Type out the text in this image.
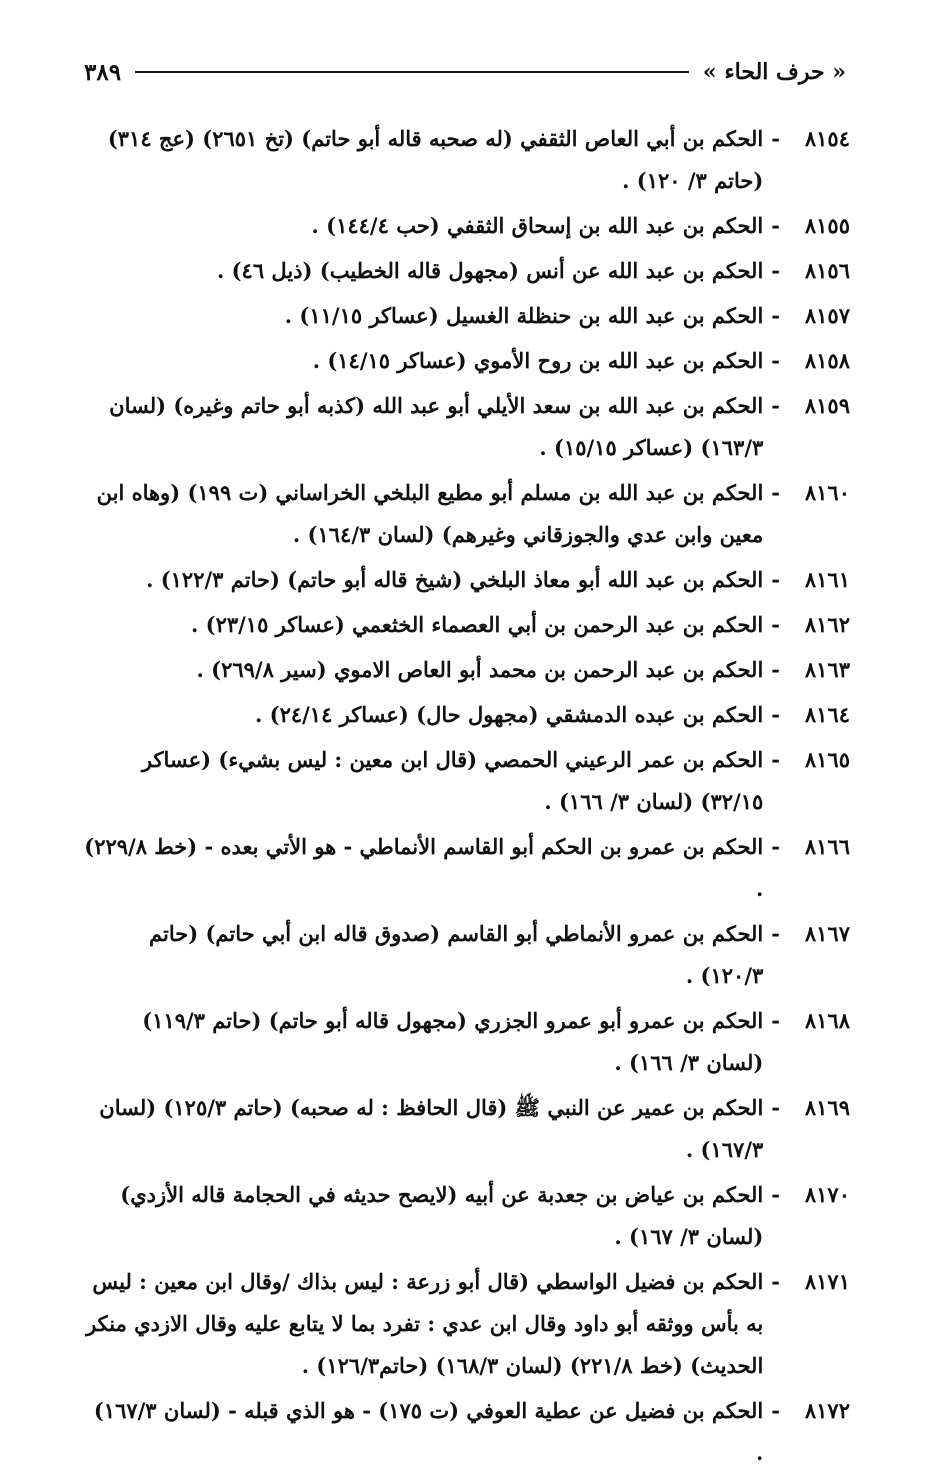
« حرف الحاء »
٣٨٩
٨١٥٤
-
الحكم بن أبي العاص الثقفي (له صحبه قاله أبو حاتم) (تخ ٢٦٥١) (عج ٣١٤) (حاتم ٣/ ١٢٠) .
٨١٥٥
-
الحكم بن عبد الله بن إسحاق الثقفي (حب ١٤٤/٤) .
٨١٥٦
-
الحكم بن عبد الله عن أنس (مجهول قاله الخطيب) (ذيل ٤٦) .
٨١٥٧
-
الحكم بن عبد الله بن حنظلة الغسيل (عساكر ١١/١٥) .
٨١٥٨
-
الحكم بن عبد الله بن روح الأموي (عساكر ١٤/١٥) .
٨١٥٩
-
الحكم بن عبد الله بن سعد الأيلي أبو عبد الله (كذبه أبو حاتم وغيره) (لسان ١٦٣/٣) (عساكر ١٥/١٥) .
٨١٦٠
-
الحكم بن عبد الله بن مسلم أبو مطيع البلخي الخراساني (ت ١٩٩) (وهاه ابن معين وابن عدي والجوزقاني وغيرهم) (لسان ١٦٤/٣) .
٨١٦١
-
الحكم بن عبد الله أبو معاذ البلخي (شيخ قاله أبو حاتم) (حاتم ١٢٢/٣) .
٨١٦٢
-
الحكم بن عبد الرحمن بن أبي العصماء الخثعمي (عساكر ٢٣/١٥) .
٨١٦٣
-
الحكم بن عبد الرحمن بن محمد أبو العاص الاموي (سير ٢٦٩/٨) .
٨١٦٤
-
الحكم بن عبده الدمشقي (مجهول حال) (عساكر ٢٤/١٤) .
٨١٦٥
-
الحكم بن عمر الرعيني الحمصي (قال ابن معين : ليس بشيء) (عساكر ٣٢/١٥) (لسان ٣/ ١٦٦) .
٨١٦٦
-
الحكم بن عمرو بن الحكم أبو القاسم الأنماطي - هو الأتي بعده - (خط ٢٢٩/٨) .
٨١٦٧
-
الحكم بن عمرو الأنماطي أبو القاسم (صدوق قاله ابن أبي حاتم) (حاتم ١٢٠/٣) .
٨١٦٨
-
الحكم بن عمرو أبو عمرو الجزري (مجهول قاله أبو حاتم) (حاتم ١١٩/٣) (لسان ٣/ ١٦٦) .
٨١٦٩
-
الحكم بن عمير عن النبي ﷺ (قال الحافظ : له صحبه) (حاتم ١٢٥/٣) (لسان ١٦٧/٣) .
٨١٧٠
-
الحكم بن عياض بن جعدبة عن أبيه (لايصح حديثه في الحجامة قاله الأزدي) (لسان ٣/ ١٦٧) .
٨١٧١
-
الحكم بن فضيل الواسطي (قال أبو زرعة : ليس بذاك /وقال ابن معين : ليس به بأس ووثقه أبو داود وقال ابن عدي : تفرد بما لا يتابع عليه وقال الازدي منكر الحديث) (خط ٢٢١/٨) (لسان ١٦٨/٣) (حاتم١٢٦/٣) .
٨١٧٢
-
الحكم بن فضيل عن عطية العوفي (ت ١٧٥) - هو الذي قبله - (لسان ١٦٧/٣) .
